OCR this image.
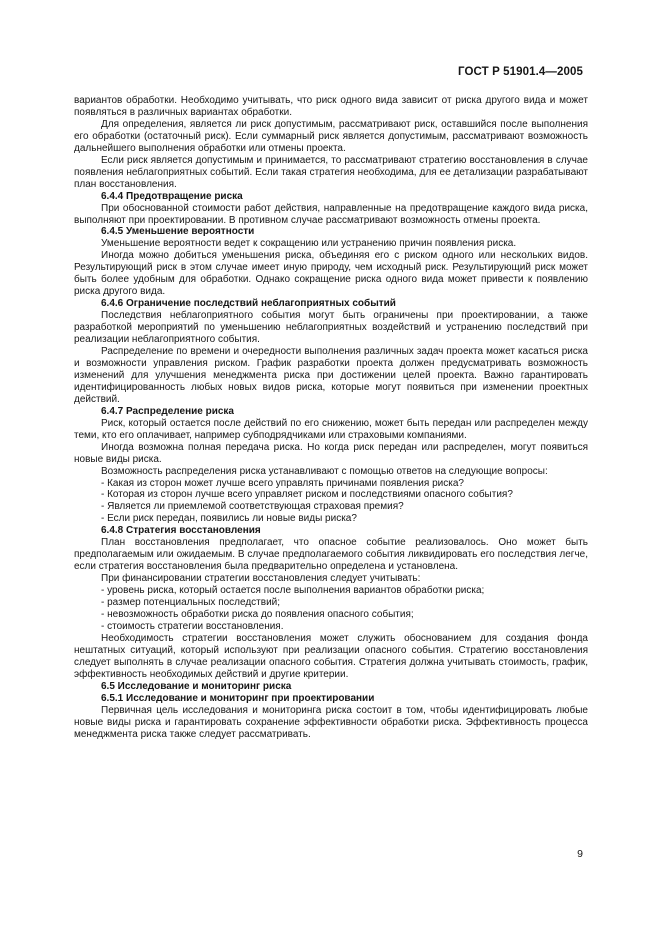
ГОСТ Р 51901.4—2005

вариантов обработки. Необходимо учитывать, что риск одного вида зависит от риска другого вида и может появляться в различных вариантах обработки.

Для определения, является ли риск допустимым, рассматривают риск, оставшийся после выполнения его обработки (остаточный риск). Если суммарный риск является допустимым, рассматривают возможность дальнейшего выполнения обработки или отмены проекта.

Если риск является допустимым и принимается, то рассматривают стратегию восстановления в случае появления неблагоприятных событий. Если такая стратегия необходима, для ее детализации разрабатывают план восстановления.

6.4.4 Предотвращение риска

При обоснованной стоимости работ действия, направленные на предотвращение каждого вида риска, выполняют при проектировании. В противном случае рассматривают возможность отмены проекта.

6.4.5 Уменьшение вероятности

Уменьшение вероятности ведет к сокращению или устранению причин появления риска.

Иногда можно добиться уменьшения риска, объединяя его с риском одного или нескольких видов. Результирующий риск в этом случае имеет иную природу, чем исходный риск. Результирующий риск может быть более удобным для обработки. Однако сокращение риска одного вида может привести к появлению риска другого вида.

6.4.6 Ограничение последствий неблагоприятных событий

Последствия неблагоприятного события могут быть ограничены при проектировании, а также разработкой мероприятий по уменьшению неблагоприятных воздействий и устранению последствий при реализации неблагоприятного события.

Распределение по времени и очередности выполнения различных задач проекта может касаться риска и возможности управления риском. График разработки проекта должен предусматривать возможность изменений для улучшения менеджмента риска при достижении целей проекта. Важно гарантировать идентифицированность любых новых видов риска, которые могут появиться при изменении проектных действий.

6.4.7 Распределение риска

Риск, который остается после действий по его снижению, может быть передан или распределен между теми, кто его оплачивает, например субподрядчиками или страховыми компаниями.

Иногда возможна полная передача риска. Но когда риск передан или распределен, могут появиться новые виды риска.

Возможность распределения риска устанавливают с помощью ответов на следующие вопросы:

- Какая из сторон может лучше всего управлять причинами появления риска?

- Которая из сторон лучше всего управляет риском и последствиями опасного события?

- Является ли приемлемой соответствующая страховая премия?

- Если риск передан, появились ли новые виды риска?

6.4.8 Стратегия восстановления

План восстановления предполагает, что опасное событие реализовалось. Оно может быть предполагаемым или ожидаемым. В случае предполагаемого события ликвидировать его последствия легче, если стратегия восстановления была предварительно определена и установлена.

При финансировании стратегии восстановления следует учитывать:

- уровень риска, который остается после выполнения вариантов обработки риска;

- размер потенциальных последствий;

- невозможность обработки риска до появления опасного события;

- стоимость стратегии восстановления.

Необходимость стратегии восстановления может служить обоснованием для создания фонда нештатных ситуаций, который используют при реализации опасного события. Стратегию восстановления следует выполнять в случае реализации опасного события. Стратегия должна учитывать стоимость, график, эффективность необходимых действий и другие критерии.

6.5 Исследование и мониторинг риска

6.5.1 Исследование и мониторинг при проектировании

Первичная цель исследования и мониторинга риска состоит в том, чтобы идентифицировать любые новые виды риска и гарантировать сохранение эффективности обработки риска. Эффективность процесса менеджмента риска также следует рассматривать.

9
